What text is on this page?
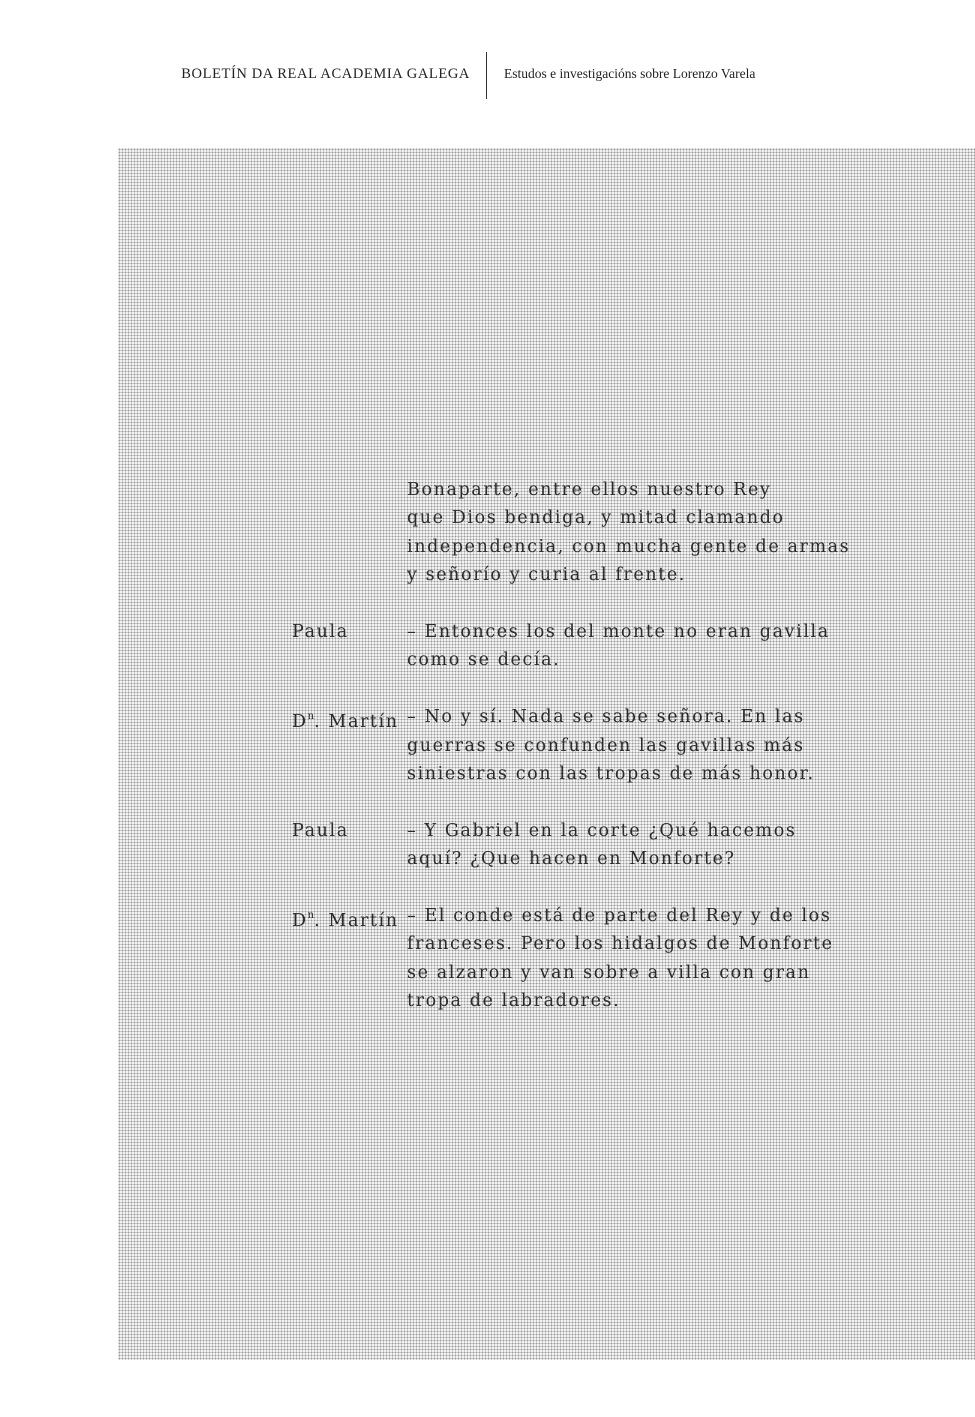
BOLETÍN DA REAL ACADEMIA GALEGA	Estudos e investigacións sobre Lorenzo Varela
Bonaparte, entre ellos nuestro Rey
que Dios bendiga, y mitad clamando
independencia, con mucha gente de armas
y señorío y curia al frente.
Paula	– Entonces los del monte no eran gavilla
como se decía.
$D^n$. Martín – No y sí. Nada se sabe señora. En las
guerras se confunden las gavillas más
siniestras con las tropas de más honor.
Paula	– Y Gabriel en la corte ¿Qué hacemos
aquí? ¿Que hacen en Monforte?
$D^n$. Martín – El conde está de parte del Rey y de los
franceses. Pero los hidalgos de Monforte
se alzaron y van sobre a villa con gran
tropa de labradores.
